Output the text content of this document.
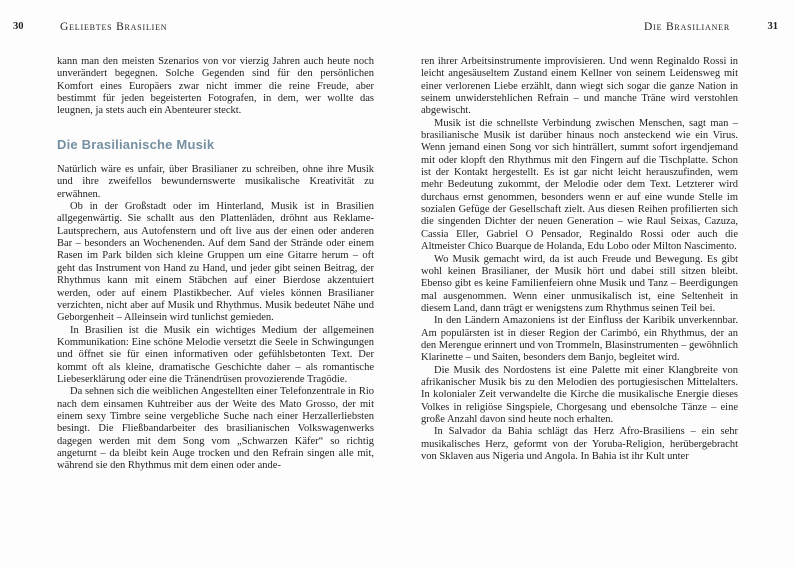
30	Geliebtes Brasilien	Die Brasilianer	31

kann man den meisten Szenarios von vor vierzig Jahren auch heute noch unverändert begegnen. Solche Gegenden sind für den persönlichen Komfort eines Europäers zwar nicht immer die reine Freude, aber bestimmt für jeden begeisterten Fotografen, in dem, wer wollte das leugnen, ja stets auch ein Abenteurer steckt.

Die Brasilianische Musik

Natürlich wäre es unfair, über Brasilianer zu schreiben, ohne ihre Musik und ihre zweifellos bewundernswerte musikalische Kreativität zu erwähnen.

Ob in der Großstadt oder im Hinterland, Musik ist in Brasilien allgegenwärtig. Sie schallt aus den Plattenläden, dröhnt aus Reklame-Lautsprechern, aus Autofenstern und oft live aus der einen oder anderen Bar – besonders an Wochenenden. Auf dem Sand der Strände oder einem Rasen im Park bilden sich kleine Gruppen um eine Gitarre herum – oft geht das Instrument von Hand zu Hand, und jeder gibt seinen Beitrag, der Rhythmus kann mit einem Stäbchen auf einer Bierdose akzentuiert werden, oder auf einem Plastikbecher. Auf vieles können Brasilianer verzichten, nicht aber auf Musik und Rhythmus. Musik bedeutet Nähe und Geborgenheit – Alleinsein wird tunlichst gemieden.

In Brasilien ist die Musik ein wichtiges Medium der allgemeinen Kommunikation: Eine schöne Melodie versetzt die Seele in Schwingungen und öffnet sie für einen informativen oder gefühlsbetonten Text. Der kommt oft als kleine, dramatische Geschichte daher – als romantische Liebeserklärung oder eine die Tränendrüsen provozierende Tragödie.

Da sehnen sich die weiblichen Angestellten einer Telefonzentrale in Rio nach dem einsamen Kuhtreiber aus der Weite des Mato Grosso, der mit einem sexy Timbre seine vergebliche Suche nach einer Herzallerliebsten besingt. Die Fließbandarbeiter des brasilianischen Volkswagenwerks dagegen werden mit dem Song vom „Schwarzen Käfer“ so richtig angeturnt – da bleibt kein Auge trocken und den Refrain singen alle mit, während sie den Rhythmus mit dem einen oder ande-

ren ihrer Arbeitsinstrumente improvisieren. Und wenn Reginaldo Rossi in leicht angesäuseltem Zustand einem Kellner von seinem Leidensweg mit einer verlorenen Liebe erzählt, dann wiegt sich sogar die ganze Nation in seinem unwiderstehlichen Refrain – und manche Träne wird verstohlen abgewischt.

Musik ist die schnellste Verbindung zwischen Menschen, sagt man – brasilianische Musik ist darüber hinaus noch ansteckend wie ein Virus. Wenn jemand einen Song vor sich hinträllert, summt sofort irgendjemand mit oder klopft den Rhythmus mit den Fingern auf die Tischplatte. Schon ist der Kontakt hergestellt. Es ist gar nicht leicht herauszufinden, wem mehr Bedeutung zukommt, der Melodie oder dem Text. Letzterer wird durchaus ernst genommen, besonders wenn er auf eine wunde Stelle im sozialen Gefüge der Gesellschaft zielt. Aus diesen Reihen profilierten sich die singenden Dichter der neuen Generation – wie Raul Seixas, Cazuza, Cassia Eller, Gabriel O Pensador, Reginaldo Rossi oder auch die Altmeister Chico Buarque de Holanda, Edu Lobo oder Milton Nascimento.

Wo Musik gemacht wird, da ist auch Freude und Bewegung. Es gibt wohl keinen Brasilianer, der Musik hört und dabei still sitzen bleibt. Ebenso gibt es keine Familienfeiern ohne Musik und Tanz – Beerdigungen mal ausgenommen. Wenn einer unmusikalisch ist, eine Seltenheit in diesem Land, dann trägt er wenigstens zum Rhythmus seinen Teil bei.

In den Ländern Amazoniens ist der Einfluss der Karibik unverkennbar. Am populärsten ist in dieser Region der Carimbó, ein Rhythmus, der an den Merengue erinnert und von Trommeln, Blasinstrumenten – gewöhnlich Klarinette – und Saiten, besonders dem Banjo, begleitet wird.

Die Musik des Nordostens ist eine Palette mit einer Klangbreite von afrikanischer Musik bis zu den Melodien des portugiesischen Mittelalters. In kolonialer Zeit verwandelte die Kirche die musikalische Energie dieses Volkes in religiöse Singspiele, Chorgesang und ebensolche Tänze – eine große Anzahl davon sind heute noch erhalten.

In Salvador da Bahia schlägt das Herz Afro-Brasiliens – ein sehr musikalisches Herz, geformt von der Yoruba-Religion, herübergebracht von Sklaven aus Nigeria und Angola. In Bahia ist ihr Kult unter
